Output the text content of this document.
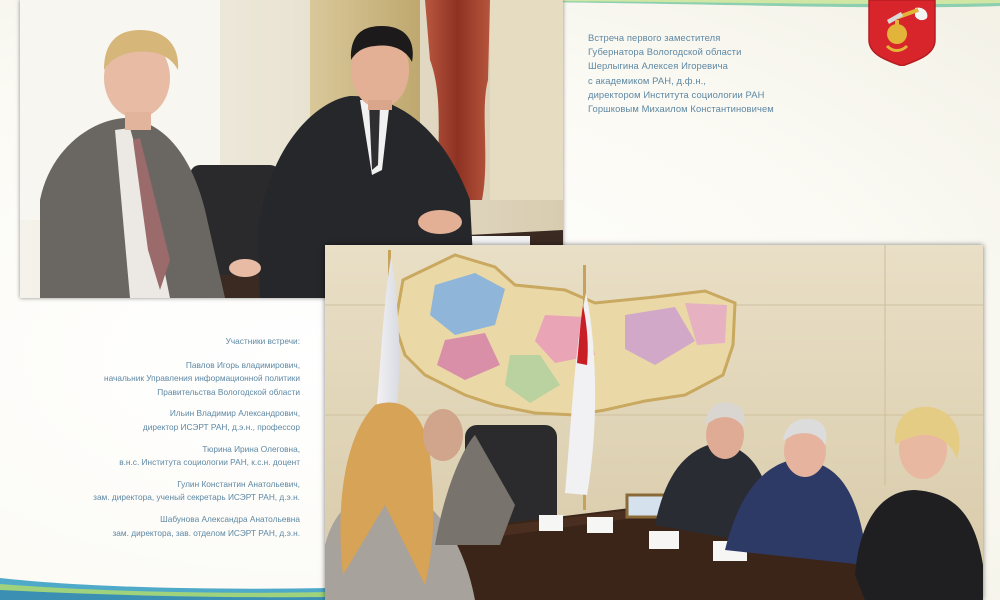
Встреча первого заместителя
Губернатора Вологодской области
Шерлыгина Алексея Игоревича
с академиком РАН, д.ф.н.,
директором Института социологии РАН
Горшковым Михаилом Константиновичем
Участники встречи:
Павлов Игорь владимирович,
начальник Управления информационной политики
Правительства Вологодской области
Ильин Владимир Александрович,
директор ИСЭРТ РАН, д.э.н., профессор
Тюрина Ирина Олеговна,
в.н.с. Института социологии РАН, к.с.н. доцент
Гулин Константин Анатольевич,
зам. директора, ученый секретарь ИСЭРТ РАН, д.э.н.
Шабунова Александра Анатольевна
зам. директора, зав. отделом ИСЭРТ РАН, д.э.н.
